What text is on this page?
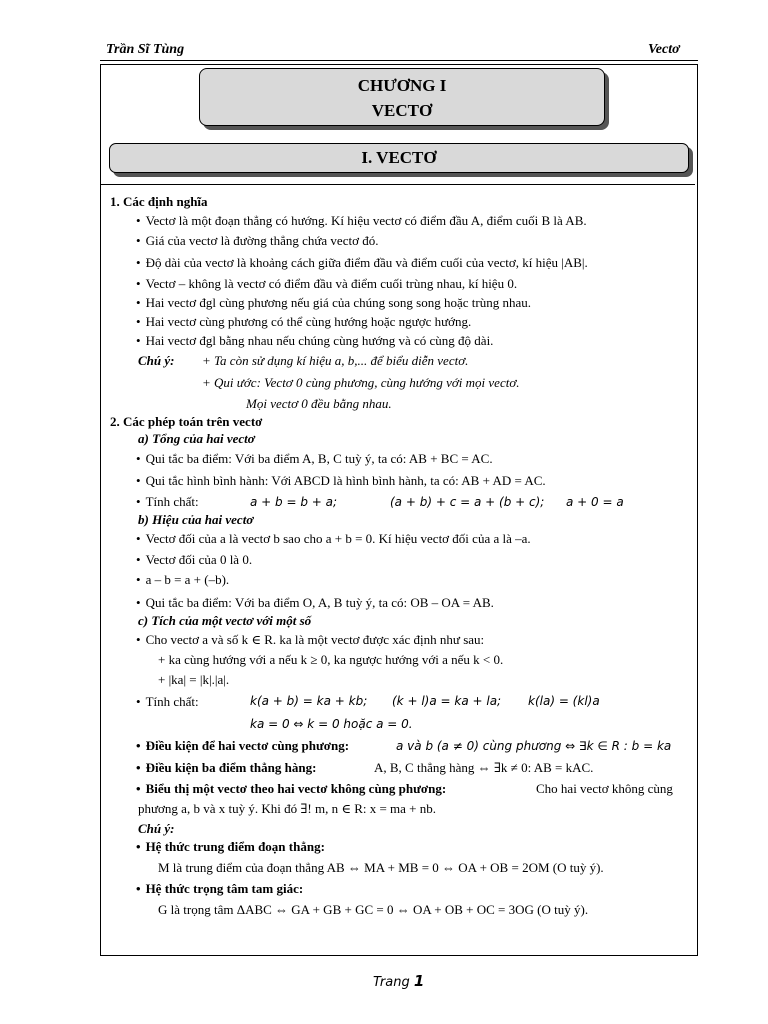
Trần Sĩ Tùng	Vectơ
CHƯƠNG I
VECTƠ
I. VECTƠ
1. Các định nghĩa
• Vectơ là một đoạn thẳng có hướng. Kí hiệu vectơ có điểm đầu A, điểm cuối B là AB.
• Giá của vectơ là đường thẳng chứa vectơ đó.
• Độ dài của vectơ là khoảng cách giữa điểm đầu và điểm cuối của vectơ, kí hiệu |AB|.
• Vectơ – không là vectơ có điểm đầu và điểm cuối trùng nhau, kí hiệu 0.
• Hai vectơ đgl cùng phương nếu giá của chúng song song hoặc trùng nhau.
• Hai vectơ cùng phương có thể cùng hướng hoặc ngược hướng.
• Hai vectơ đgl bằng nhau nếu chúng cùng hướng và có cùng độ dài.
Chú ý: + Ta còn sử dụng kí hiệu a, b,... để biểu diễn vectơ.
+ Qui ước: Vectơ 0 cùng phương, cùng hướng với mọi vectơ.
Mọi vectơ 0 đều bằng nhau.
2. Các phép toán trên vectơ
a) Tổng của hai vectơ
• Qui tắc ba điểm: Với ba điểm A, B, C tuỳ ý, ta có: AB + BC = AC.
• Qui tắc hình bình hành: Với ABCD là hình bình hành, ta có: AB + AD = AC.
• Tính chất:	a + b = b + a;	(a + b) + c = a + (b + c); a + 0 = a
b) Hiệu của hai vectơ
• Vectơ đối của a là vectơ b sao cho a + b = 0. Kí hiệu vectơ đối của a là –a.
• Vectơ đối của 0 là 0.
• a – b = a + (–b).
• Qui tắc ba điểm: Với ba điểm O, A, B tuỳ ý, ta có: OB – OA = AB.
c) Tích của một vectơ với một số
• Cho vectơ a và số k ∈ R. ka là một vectơ được xác định như sau:
+ ka cùng hướng với a nếu k ≥ 0, ka ngược hướng với a nếu k < 0.
+ |ka| = |k|.|a|.
• Tính chất:	k(a + b) = ka + kb; (k + l)a = ka + la; k(la) = (kl)a
ka = 0 ⇔ k = 0 hoặc a = 0.
• Điều kiện để hai vectơ cùng phương:	a và b (a ≠ 0) cùng phương ⇔ ∃k ∈ R : b = ka
• Điều kiện ba điểm thẳng hàng:	A, B, C thẳng hàng ⇔ ∃k ≠ 0: AB = kAC.
• Biểu thị một vectơ theo hai vectơ không cùng phương:	Cho hai vectơ không cùng
phương a, b và x tuỳ ý. Khi đó ∃! m, n ∈ R: x = ma + nb.
Chú ý:
• Hệ thức trung điểm đoạn thẳng:
M là trung điểm của đoạn thẳng AB ⇔ MA + MB = 0 ⇔ OA + OB = 2OM (O tuỳ ý).
• Hệ thức trọng tâm tam giác:
G là trọng tâm ΔABC ⇔ GA + GB + GC = 0 ⇔ OA + OB + OC = 3OG (O tuỳ ý).
Trang 1
